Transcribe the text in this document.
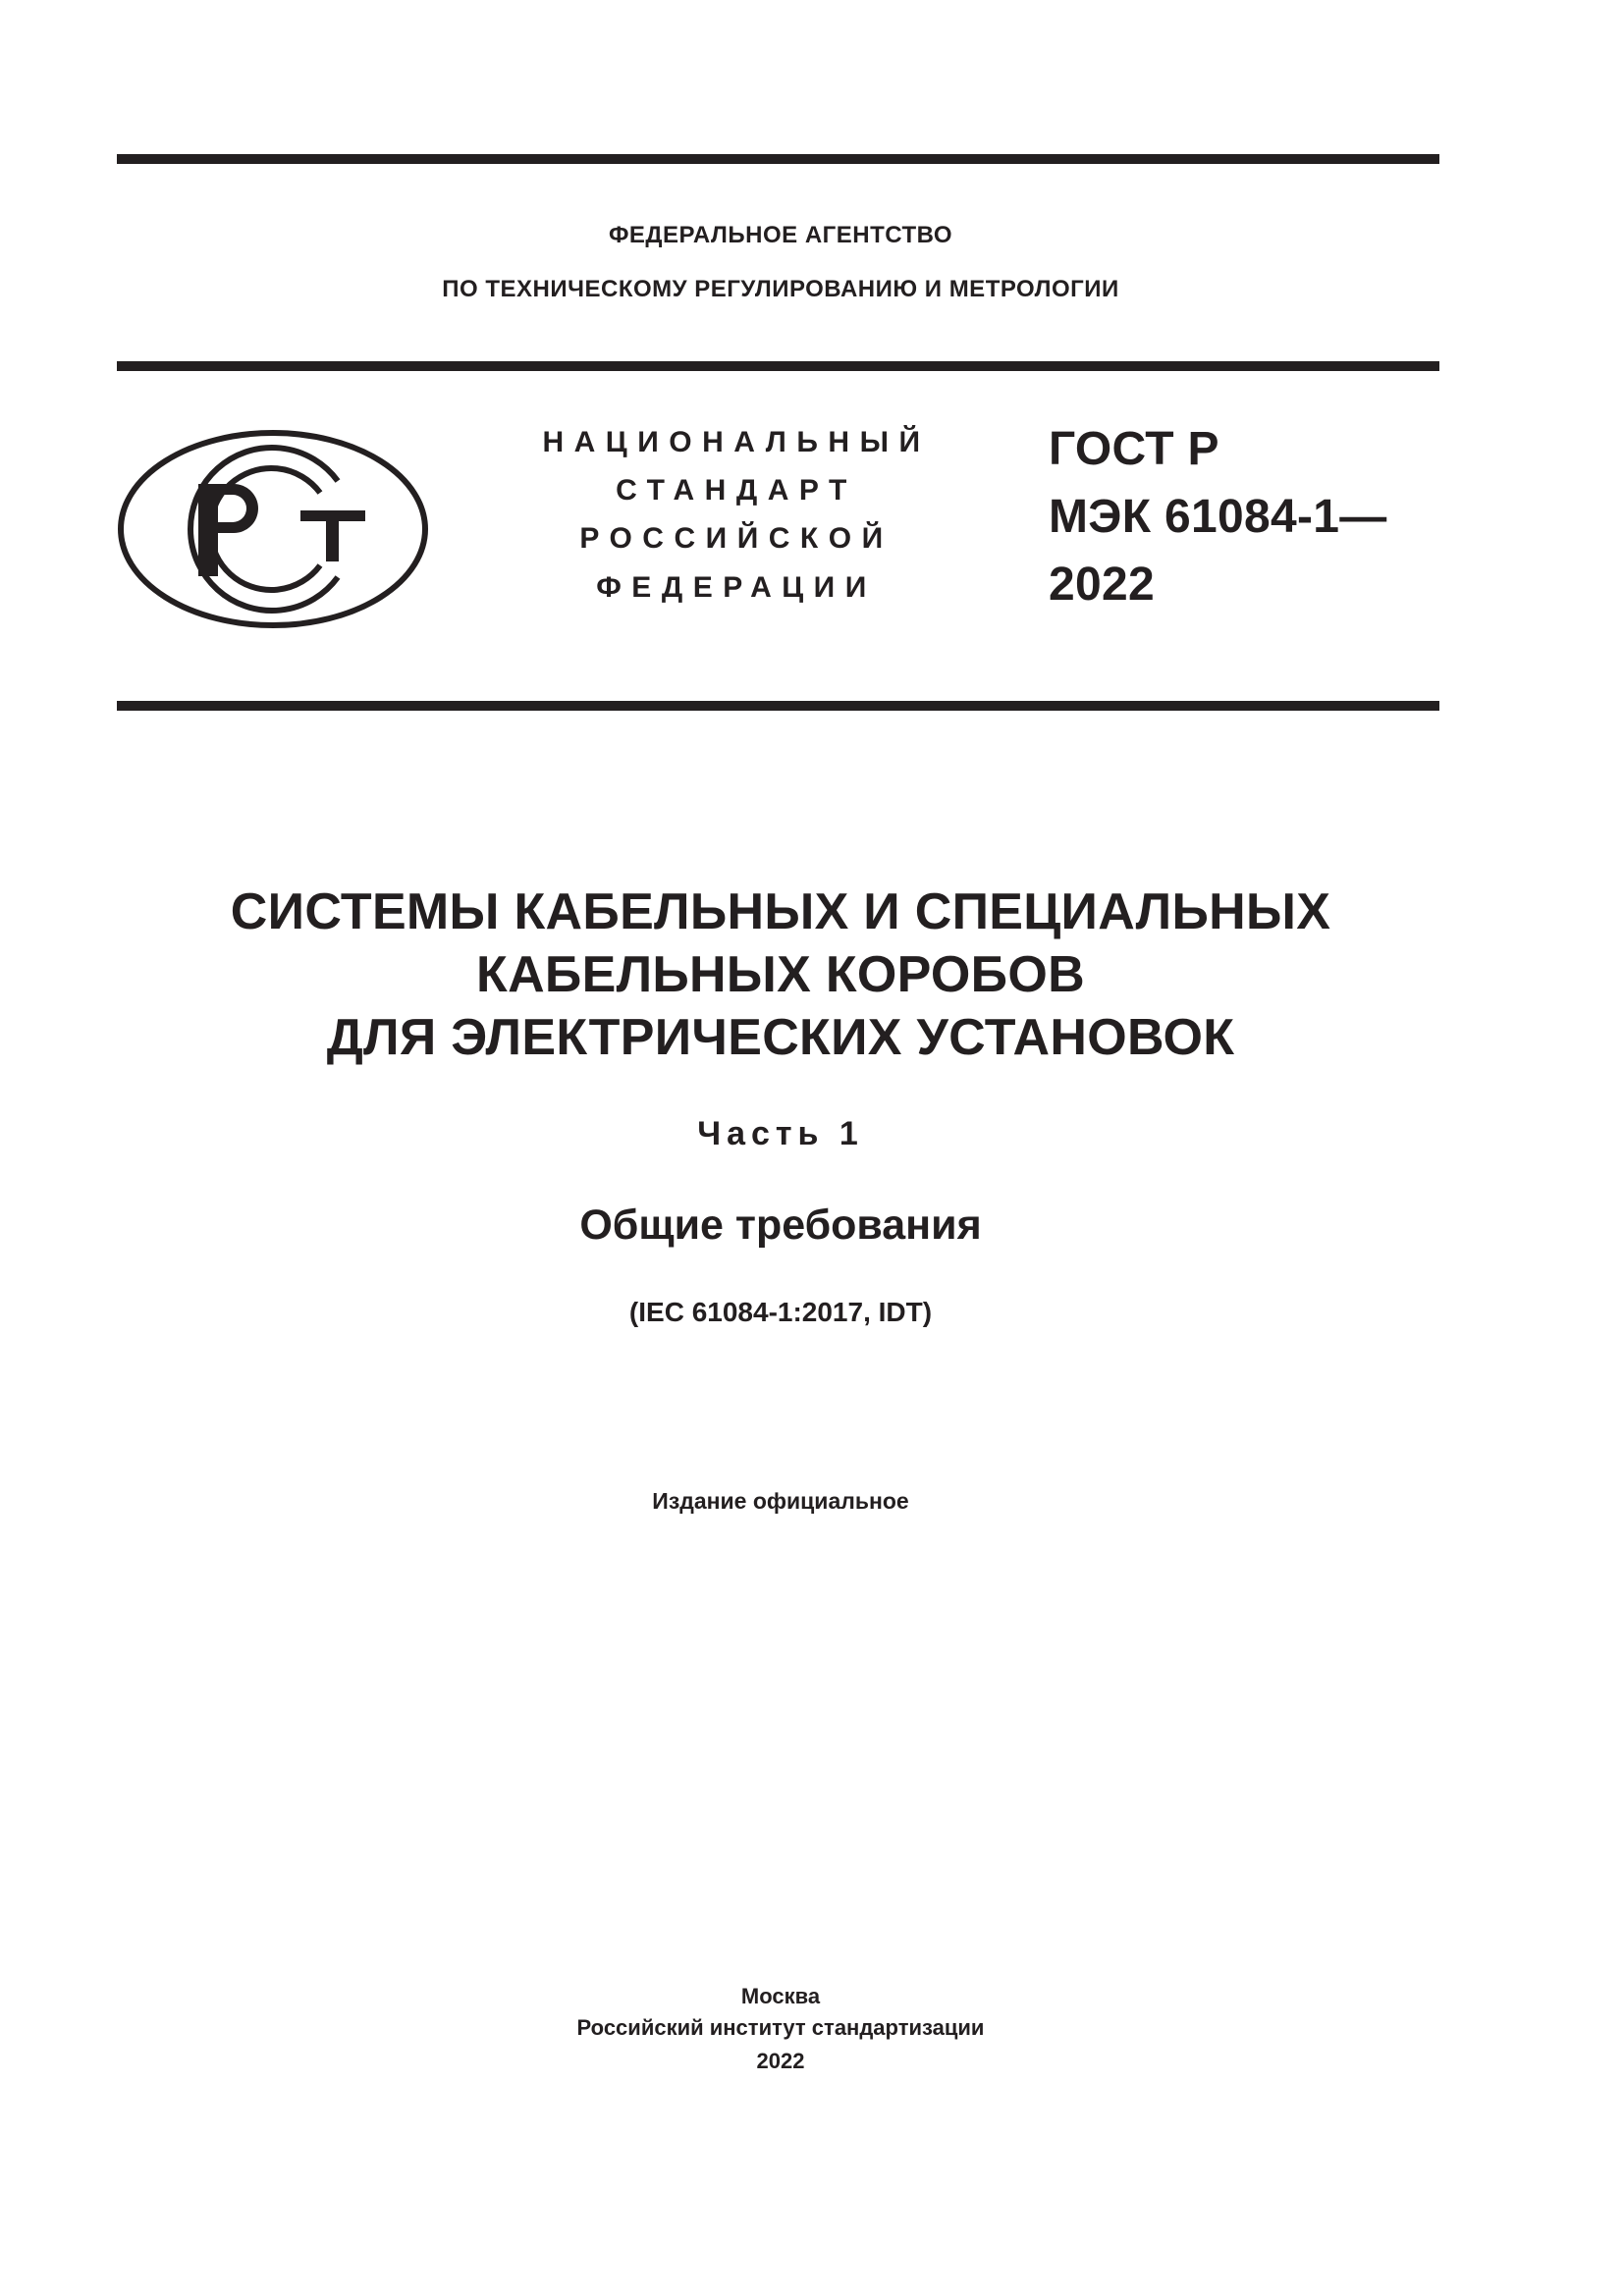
ФЕДЕРАЛЬНОЕ АГЕНТСТВО
ПО ТЕХНИЧЕСКОМУ РЕГУЛИРОВАНИЮ И МЕТРОЛОГИИ
НАЦИОНАЛЬНЫЙ
СТАНДАРТ
РОССИЙСКОЙ
ФЕДЕРАЦИИ
ГОСТ Р
МЭК 61084-1—
2022
СИСТЕМЫ КАБЕЛЬНЫХ И СПЕЦИАЛЬНЫХ
КАБЕЛЬНЫХ КОРОБОВ
ДЛЯ ЭЛЕКТРИЧЕСКИХ УСТАНОВОК
Часть 1
Общие требования
(IEC 61084-1:2017, IDT)
Издание официальное
Москва
Российский институт стандартизации
2022
